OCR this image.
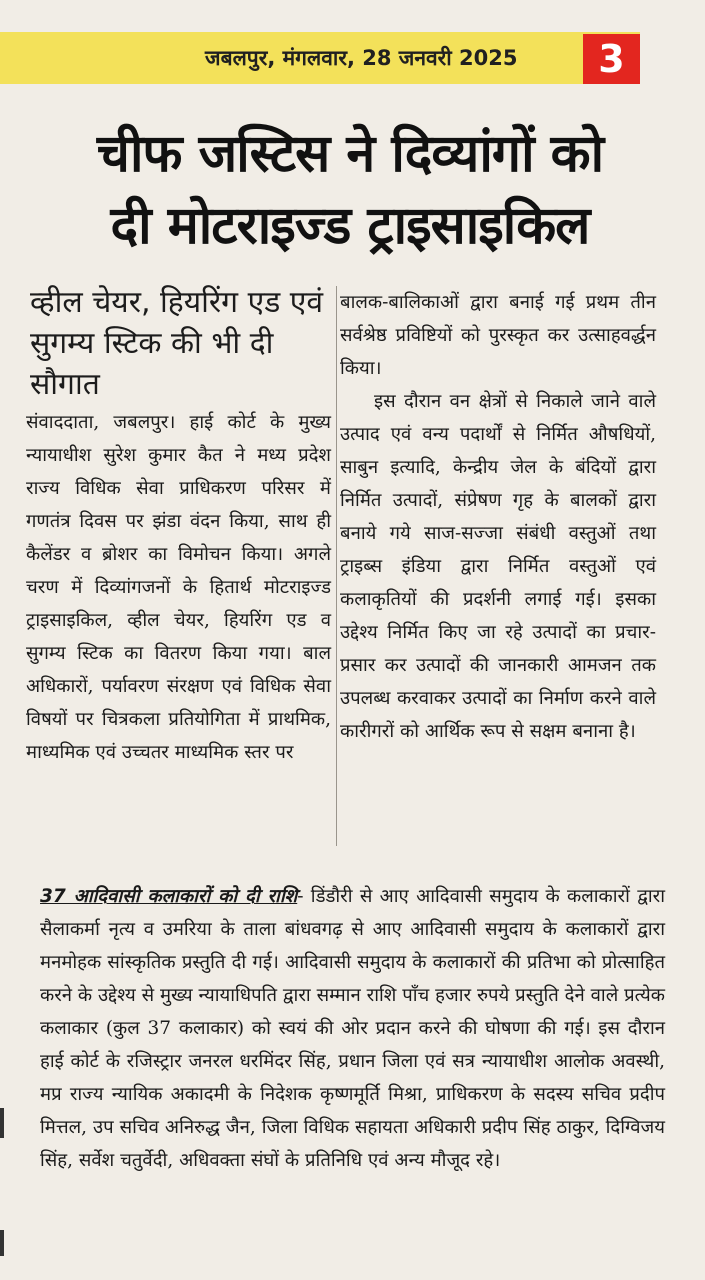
जबलपुर, मंगलवार, 28 जनवरी 2025	3
चीफ जस्टिस ने दिव्यांगों को
दी मोटराइज्ड ट्राइसाइकिल
व्हील चेयर, हियरिंग एड एवं सुगम्य स्टिक की भी दी सौगात
संवाददाता, जबलपुर। हाई कोर्ट के मुख्य न्यायाधीश सुरेश कुमार कैत ने मध्य प्रदेश राज्य विधिक सेवा प्राधिकरण परिसर में गणतंत्र दिवस पर झंडा वंदन किया, साथ ही कैलेंडर व ब्रोशर का विमोचन किया। अगले चरण में दिव्यांगजनों के हितार्थ मोटराइज्ड ट्राइसाइकिल, व्हील चेयर, हियरिंग एड व सुगम्य स्टिक का वितरण किया गया। बाल अधिकारों, पर्यावरण संरक्षण एवं विधिक सेवा विषयों पर चित्रकला प्रतियोगिता में प्राथमिक, माध्यमिक एवं उच्चतर माध्यमिक स्तर पर
बालक-बालिकाओं द्वारा बनाई गई प्रथम तीन सर्वश्रेष्ठ प्रविष्टियों को पुरस्कृत कर उत्साहवर्द्धन किया।
इस दौरान वन क्षेत्रों से निकाले जाने वाले उत्पाद एवं वन्य पदार्थों से निर्मित औषधियों, साबुन इत्यादि, केन्द्रीय जेल के बंदियों द्वारा निर्मित उत्पादों, संप्रेषण गृह के बालकों द्वारा बनाये गये साज-सज्जा संबंधी वस्तुओं तथा ट्राइब्स इंडिया द्वारा निर्मित वस्तुओं एवं कलाकृतियों की प्रदर्शनी लगाई गई। इसका उद्देश्य निर्मित किए जा रहे उत्पादों का प्रचार-प्रसार कर उत्पादों की जानकारी आमजन तक उपलब्ध करवाकर उत्पादों का निर्माण करने वाले कारीगरों को आर्थिक रूप से सक्षम बनाना है।
37 आदिवासी कलाकारों को दी राशि- डिंडौरी से आए आदिवासी समुदाय के कलाकारों द्वारा सैलाकर्मा नृत्य व उमरिया के ताला बांधवगढ़ से आए आदिवासी समुदाय के कलाकारों द्वारा मनमोहक सांस्कृतिक प्रस्तुति दी गई। आदिवासी समुदाय के कलाकारों की प्रतिभा को प्रोत्साहित करने के उद्देश्य से मुख्य न्यायाधिपति द्वारा सम्मान राशि पाँच हजार रुपये प्रस्तुति देने वाले प्रत्येक कलाकार (कुल 37 कलाकार) को स्वयं की ओर प्रदान करने की घोषणा की गई। इस दौरान हाई कोर्ट के रजिस्ट्रार जनरल धरमिंदर सिंह, प्रधान जिला एवं सत्र न्यायाधीश आलोक अवस्थी, मप्र राज्य न्यायिक अकादमी के निदेशक कृष्णमूर्ति मिश्रा, प्राधिकरण के सदस्य सचिव प्रदीप मित्तल, उप सचिव अनिरुद्ध जैन, जिला विधिक सहायता अधिकारी प्रदीप सिंह ठाकुर, दिग्विजय सिंह, सर्वेश चतुर्वेदी, अधिवक्ता संघों के प्रतिनिधि एवं अन्य मौजूद रहे।
